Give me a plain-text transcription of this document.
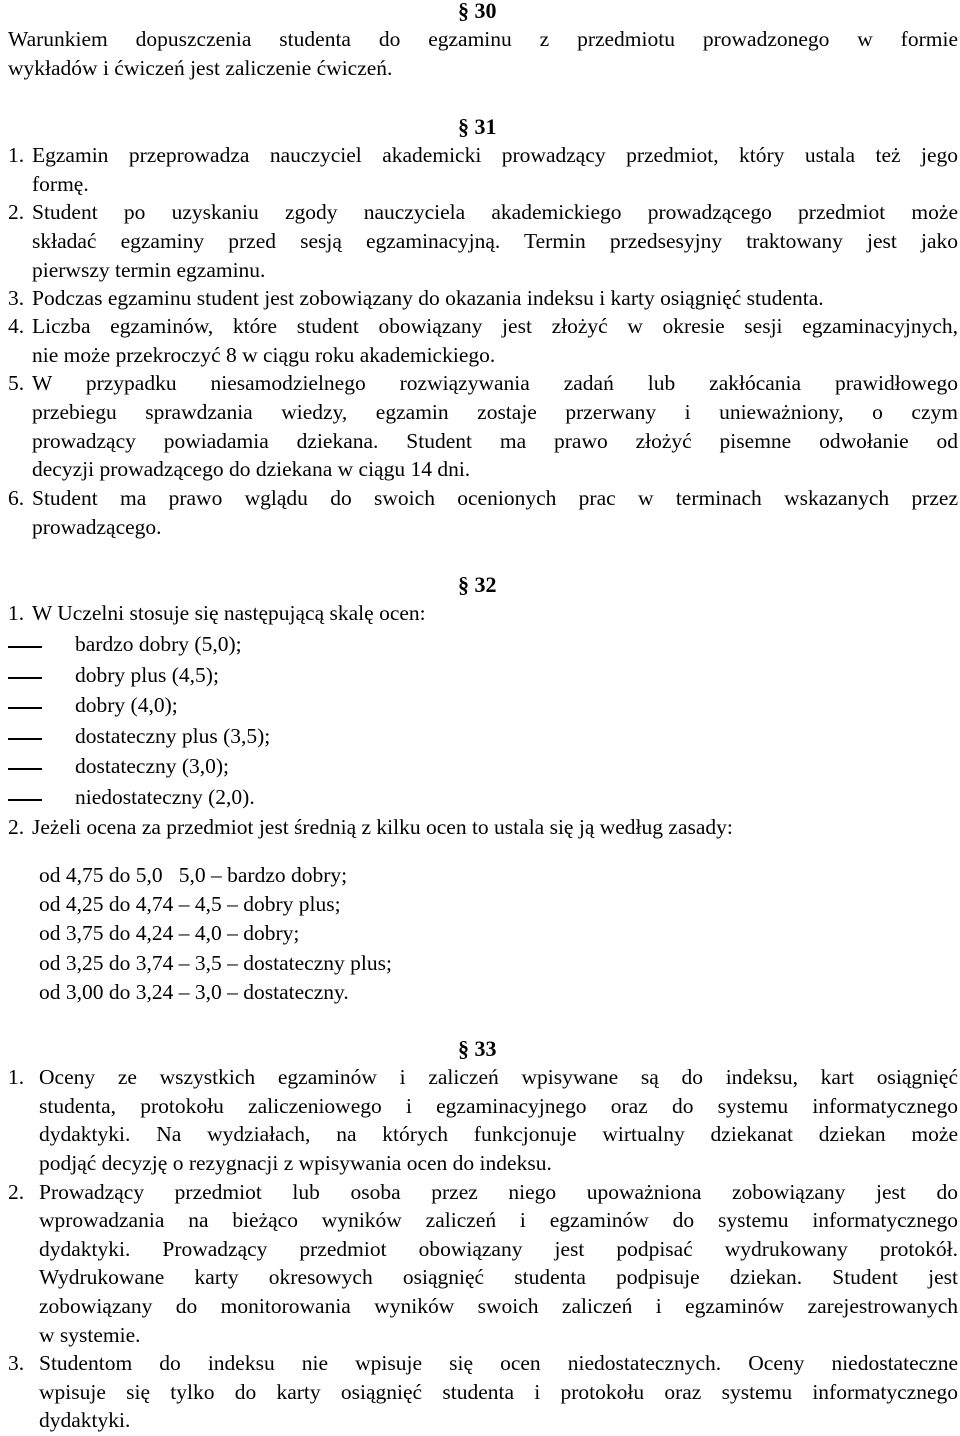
§ 30
Warunkiem dopuszczenia studenta do egzaminu z przedmiotu prowadzonego w formie
wykładów i ćwiczeń jest zaliczenie ćwiczeń.
§ 31
1. Egzamin przeprowadza nauczyciel akademicki prowadzący przedmiot, który ustala też jego
formę.
2. Student po uzyskaniu zgody nauczyciela akademickiego prowadzącego przedmiot może
składać egzaminy przed sesją egzaminacyjną. Termin przedsesyjny traktowany jest jako
pierwszy termin egzaminu.
3. Podczas egzaminu student jest zobowiązany do okazania indeksu i karty osiągnięć studenta.
4. Liczba egzaminów, które student obowiązany jest złożyć w okresie sesji egzaminacyjnych,
nie może przekroczyć 8 w ciągu roku akademickiego.
5. W przypadku niesamodzielnego rozwiązywania zadań lub zakłócania prawidłowego
przebiegu sprawdzania wiedzy, egzamin zostaje przerwany i unieważniony, o czym
prowadzący powiadamia dziekana. Student ma prawo złożyć pisemne odwołanie od
decyzji prowadzącego do dziekana w ciągu 14 dni.
6. Student ma prawo wglądu do swoich ocenionych prac w terminach wskazanych przez
prowadzącego.
§ 32
1. W Uczelni stosuje się następującą skalę ocen:
bardzo dobry (5,0);
dobry plus (4,5);
dobry (4,0);
dostateczny plus (3,5);
dostateczny (3,0);
niedostateczny (2,0).
2. Jeżeli ocena za przedmiot jest średnią z kilku ocen to ustala się ją według zasady:
od 4,75 do 5,0   5,0 – bardzo dobry;
od 4,25 do 4,74 – 4,5 – dobry plus;
od 3,75 do 4,24 – 4,0 – dobry;
od 3,25 do 3,74 – 3,5 – dostateczny plus;
od 3,00 do 3,24 – 3,0 – dostateczny.
§ 33
1. Oceny ze wszystkich egzaminów i zaliczeń wpisywane są do indeksu, kart osiągnięć
studenta, protokołu zaliczeniowego i egzaminacyjnego oraz do systemu informatycznego
dydaktyki. Na wydziałach, na których funkcjonuje wirtualny dziekanat dziekan może
podjąć decyzję o rezygnacji z wpisywania ocen do indeksu.
2. Prowadzący przedmiot lub osoba przez niego upoważniona zobowiązany jest do
wprowadzania na bieżąco wyników zaliczeń i egzaminów do systemu informatycznego
dydaktyki. Prowadzący przedmiot obowiązany jest podpisać wydrukowany protokół.
Wydrukowane karty okresowych osiągnięć studenta podpisuje dziekan. Student jest
zobowiązany do monitorowania wyników swoich zaliczeń i egzaminów zarejestrowanych
w systemie.
3. Studentom do indeksu nie wpisuje się ocen niedostatecznych. Oceny niedostateczne
wpisuje się tylko do karty osiągnięć studenta i protokołu oraz systemu informatycznego
dydaktyki.
